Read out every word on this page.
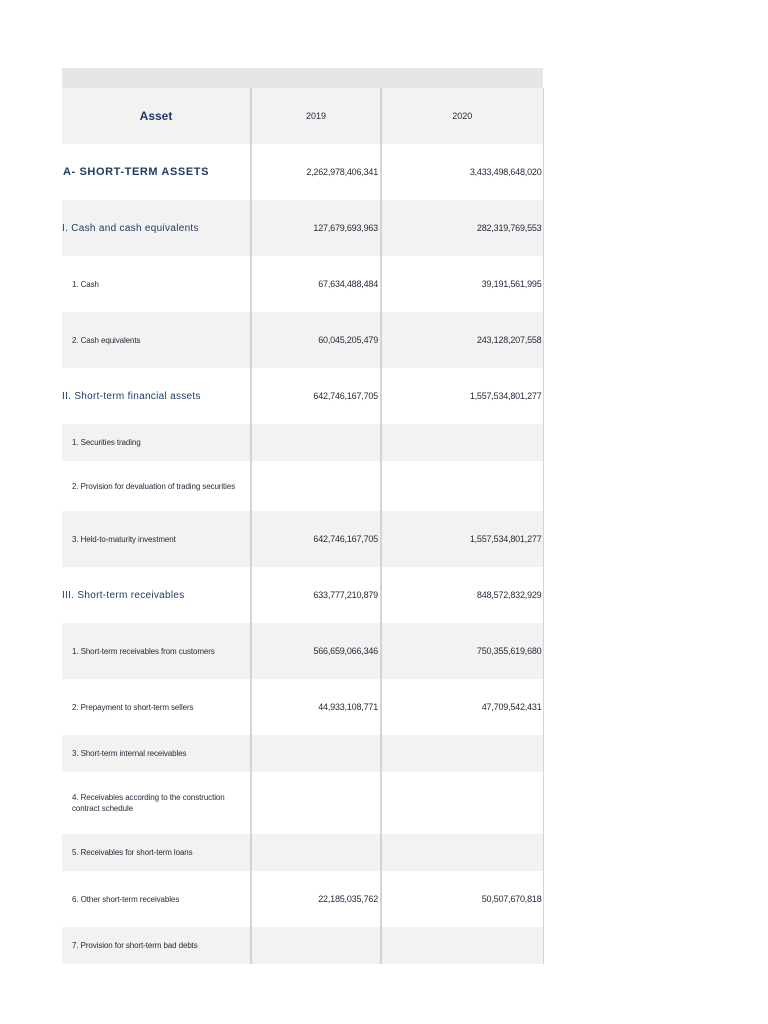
Asset	2019	2020
A- SHORT-TERM ASSETS	2,262,978,406,341	3,433,498,648,020
I. Cash and cash equivalents	127,679,693,963	282,319,769,553
1. Cash	67,634,488,484	39,191,561,995
2. Cash equivalents	60,045,205,479	243,128,207,558
II. Short-term financial assets	642,746,167,705	1,557,534,801,277
1. Securities trading		
2. Provision for devaluation of trading securities		
3. Held-to-maturity investment	642,746,167,705	1,557,534,801,277
III. Short-term receivables	633,777,210,879	848,572,832,929
1. Short-term receivables from customers	566,659,066,346	750,355,619,680
2. Prepayment to short-term sellers	44,933,108,771	47,709,542,431
3. Short-term internal receivables		
4. Receivables according to the construction contract schedule		
5. Receivables for short-term loans		
6. Other short-term receivables	22,185,035,762	50,507,670,818
7. Provision for short-term bad debts		
